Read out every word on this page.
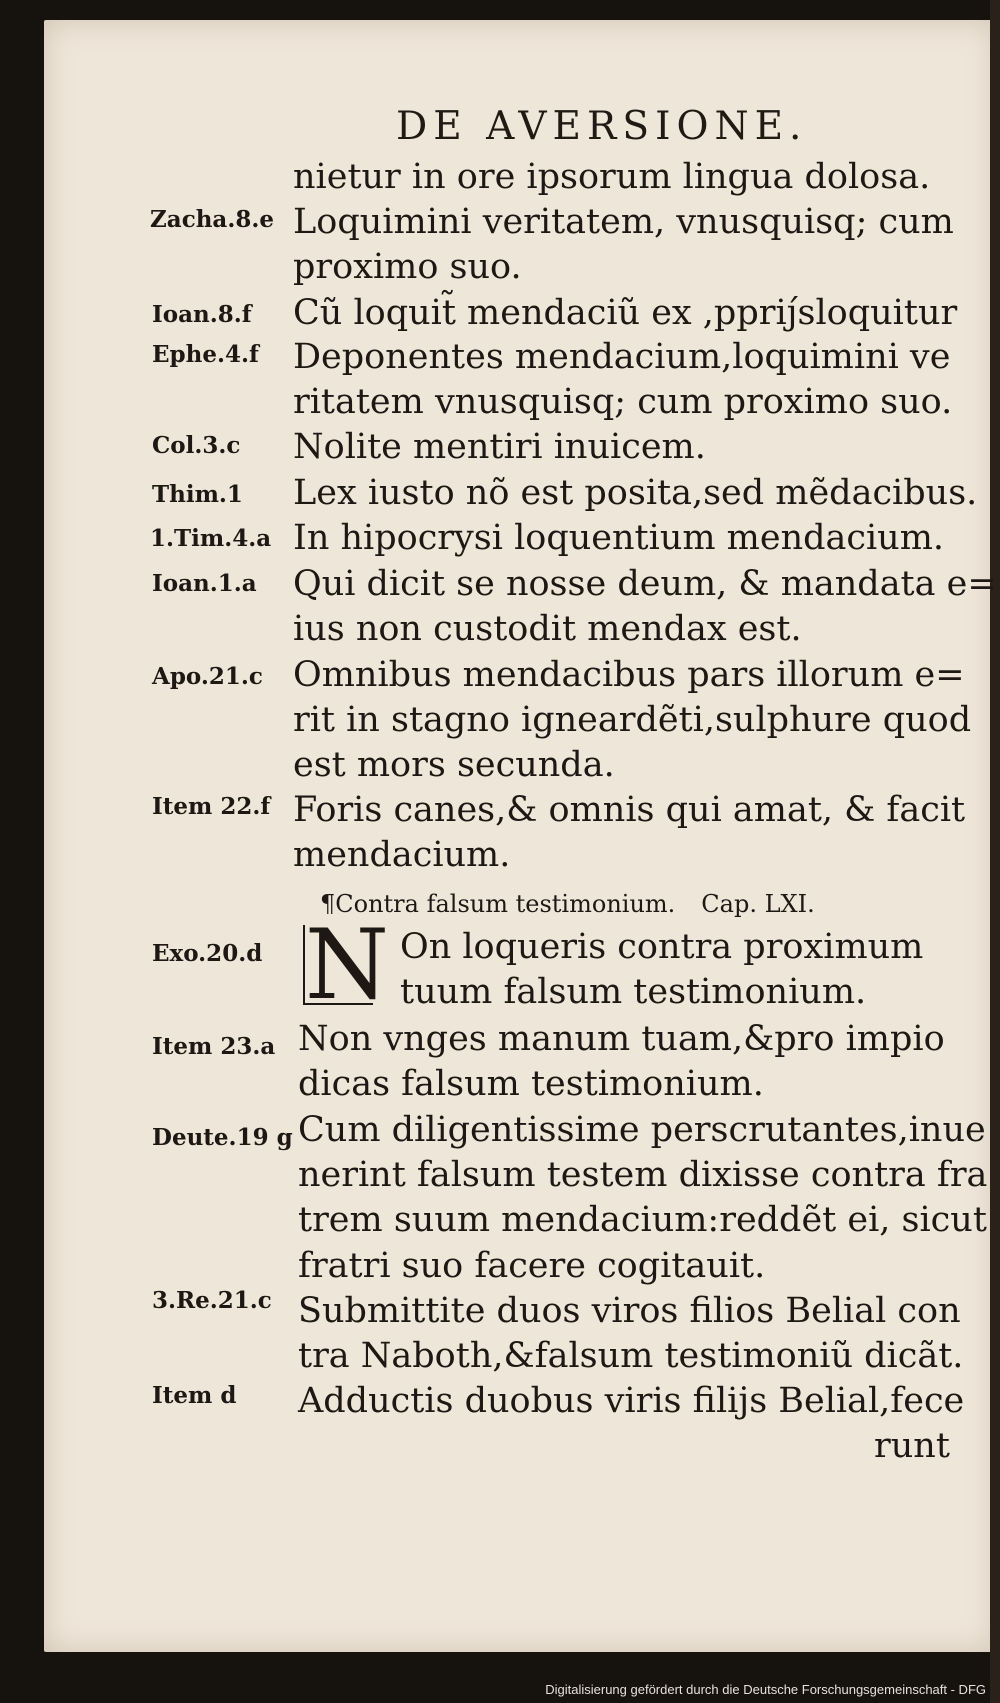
DE AVERSIONE.
Zacha.8.e
Ioan.8.f
Ephe.4.f
Col.3.c
Thim.1
1.Tim.4.a
Ioan.1.a
Apo.21.c
Item 22.f
Exo.20.d
Item 23.a
Deute.19 g
3.Re.21.c
Item d
nietur in ore ipsorum lingua dolosa.
Loquimini veritatem, vnusquisq; cum
proximo suo.
Cũ loquit̃ mendaciũ ex ,ppriȷ́sloquitur
Deponentes mendacium,loquimini ve
ritatem vnusquisq; cum proximo suo.
Nolite mentiri inuicem.
Lex iusto nõ est posita,sed mẽdacibus.
In hipocrysi loquentium mendacium.
Qui dicit se nosse deum, & mandata e=
ius non custodit mendax est.
Omnibus mendacibus pars illorum e=
rit in stagno igneardẽti,sulphure quod
est mors secunda.
Foris canes,& omnis qui amat, & facit
mendacium.
¶Contra falsum testimonium. Cap. LXI.
N On loqueris contra proximum
tuum falsum testimonium.
Non vnges manum tuam,&pro impio
dicas falsum testimonium.
Cum diligentissime perscrutantes,inue
nerint falsum testem dixisse contra fra
trem suum mendacium:reddẽt ei, sicut
fratri suo facere cogitauit.
Submittite duos viros filios Belial con
tra Naboth,&falsum testimoniũ dicãt.
Adductis duobus viris filijs Belial,fece
runt
Digitalisierung gefördert durch die Deutsche Forschungsgemeinschaft - DFG
